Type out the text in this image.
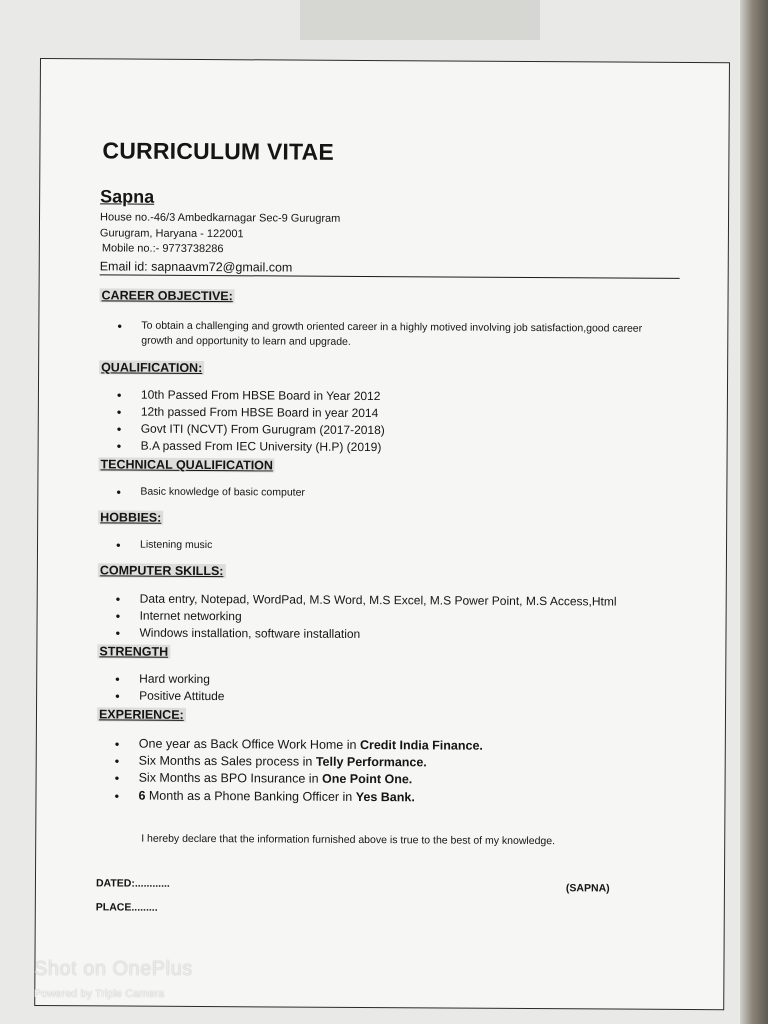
CURRICULUM VITAE
Sapna
House no.-46/3 Ambedkarnagar Sec-9 Gurugram
Gurugram, Haryana - 122001
Mobile no.:- 9773738286
Email id: sapnaavm72@gmail.com
CAREER OBJECTIVE:
•	To obtain a challenging and growth oriented career in a highly motived involving job satisfaction,good career growth and opportunity to learn and upgrade.
QUALIFICATION:
•	10th Passed From HBSE Board in Year 2012
•	12th passed From HBSE Board in year 2014
•	Govt ITI (NCVT) From Gurugram (2017-2018)
•	B.A passed From IEC University (H.P) (2019)
TECHNICAL QUALIFICATION
•	Basic knowledge of basic computer
HOBBIES:
•	Listening music
COMPUTER SKILLS:
•	Data entry, Notepad, WordPad, M.S Word, M.S Excel, M.S Power Point, M.S Access,Html
•	Internet networking
•	Windows installation, software installation
STRENGTH
•	Hard working
•	Positive Attitude
EXPERIENCE:
•	One year as Back Office Work Home in Credit India Finance.
•	Six Months as Sales process in Telly Performance.
•	Six Months as BPO Insurance in One Point One.
•	6 Month as a Phone Banking Officer in Yes Bank.
I hereby declare that the information furnished above is true to the best of my knowledge.
DATED:............
PLACE.........
(SAPNA)
Shot on OnePlus
Powered by Triple Camera
